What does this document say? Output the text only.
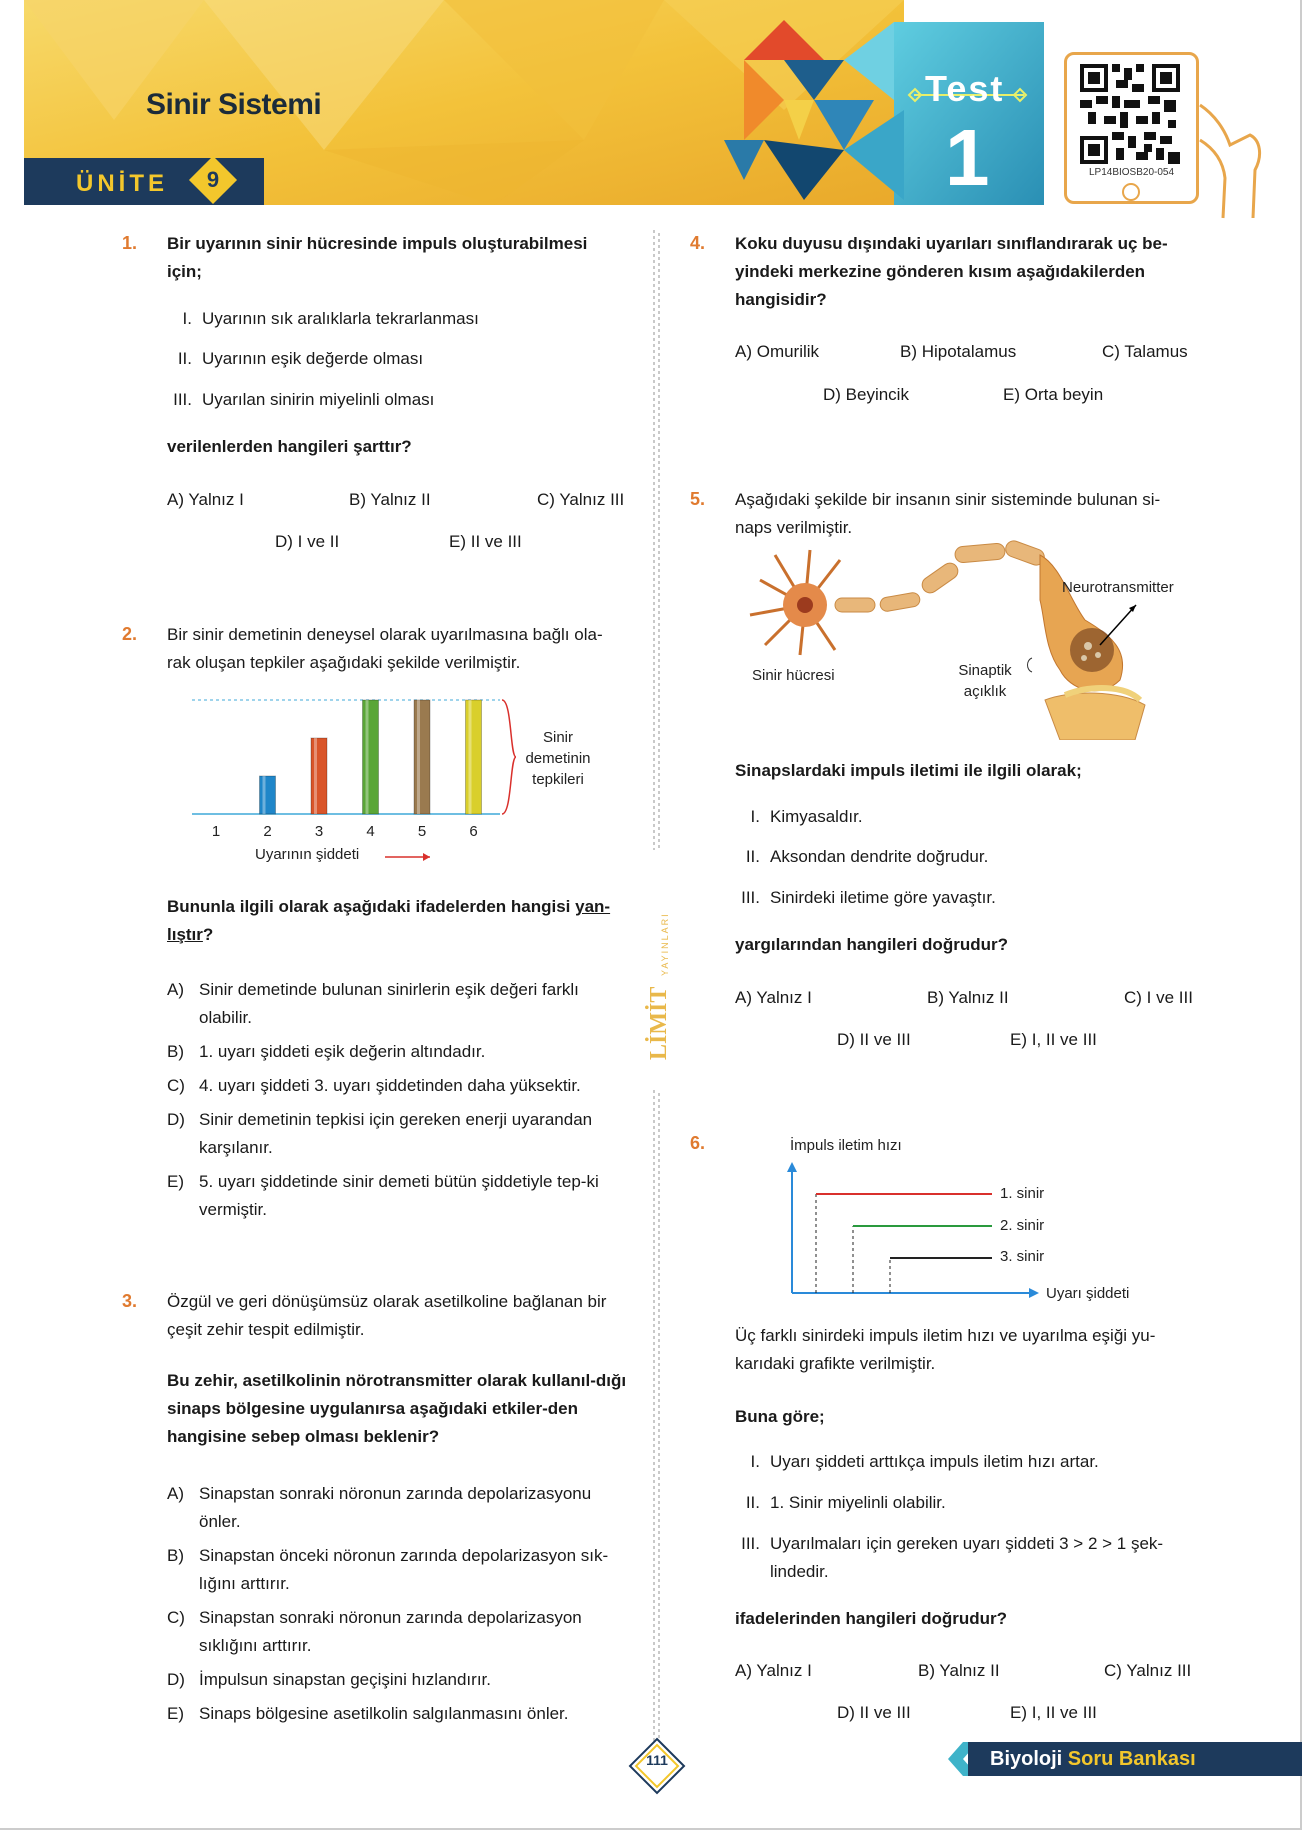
Sinir Sistemi
ÜNİTE	9
Test
1	LP14BIOSB20-054
LİMİT
YAYINLARI
1. Bir uyarının sinir hücresinde impuls oluşturabilmesi için;
I. Uyarının sık aralıklarla tekrarlanması
II. Uyarının eşik değerde olması
III. Uyarılan sinirin miyelinli olması
verilenlerden hangileri şarttır?
A) Yalnız I	B) Yalnız II	C) Yalnız III
D) I ve II	E) II ve III
2. Bir sinir demetinin deneysel olarak uyarılmasına bağlı ola-
rak oluşan tepkiler aşağıdaki şekilde verilmiştir.
1	2	3	4	5	6
Uyarının şiddeti
Sinir
demetinin
tepkileri
Bununla ilgili olarak aşağıdaki ifadelerden hangisi yan-
lıştır?
A) Sinir demetinde bulunan sinirlerin eşik değeri farklı olabilir.
B) 1. uyarı şiddeti eşik değerin altındadır.
C) 4. uyarı şiddeti 3. uyarı şiddetinden daha yüksektir.
D) Sinir demetinin tepkisi için gereken enerji uyarandan karşılanır.
E) 5. uyarı şiddetinde sinir demeti bütün şiddetiyle tep-ki vermiştir.
3. Özgül ve geri dönüşümsüz olarak asetilkoline bağlanan bir çeşit zehir tespit edilmiştir.
Bu zehir, asetilkolinin nörotransmitter olarak kullanıl-dığı sinaps bölgesine uygulanırsa aşağıdaki etkiler-den hangisine sebep olması beklenir?
A) Sinapstan sonraki nöronun zarında depolarizasyonu önler.
B) Sinapstan önceki nöronun zarında depolarizasyon sık-lığını arttırır.
C) Sinapstan sonraki nöronun zarında depolarizasyon sıklığını arttırır.
D) İmpulsun sinapstan geçişini hızlandırır.
E) Sinaps bölgesine asetilkolin salgılanmasını önler.
4. Koku duyusu dışındaki uyarıları sınıflandırarak uç be-yindeki merkezine gönderen kısım aşağıdakilerden hangisidir?
A) Omurilik	B) Hipotalamus	C) Talamus
D) Beyincik	E) Orta beyin
5. Aşağıdaki şekilde bir insanın sinir sisteminde bulunan si-naps verilmiştir.
Sinir hücresi	Sinaptik
açıklık
Neurotransmitter
Sinapslardaki impuls iletimi ile ilgili olarak;
I. Kimyasaldır.
II. Aksondan dendrite doğrudur.
III. Sinirdeki iletime göre yavaştır.
yargılarından hangileri doğrudur?
A) Yalnız I	B) Yalnız II	C) I ve III
D) II ve III	E) I, II ve III
6.	İmpuls iletim hızı
Uyarı şiddeti
1. sinir
2. sinir
3. sinir
Üç farklı sinirdeki impuls iletim hızı ve uyarılma eşiği yu-karıdaki grafikte verilmiştir.
Buna göre;
I. Uyarı şiddeti arttıkça impuls iletim hızı artar.
II. 1. Sinir miyelinli olabilir.
III. Uyarılmaları için gereken uyarı şiddeti 3 > 2 > 1 şek-lindedir.
ifadelerinden hangileri doğrudur?
A) Yalnız I	B) Yalnız II	C) Yalnız III
D) II ve III	E) I, II ve III
111	Biyoloji Soru Bankası
